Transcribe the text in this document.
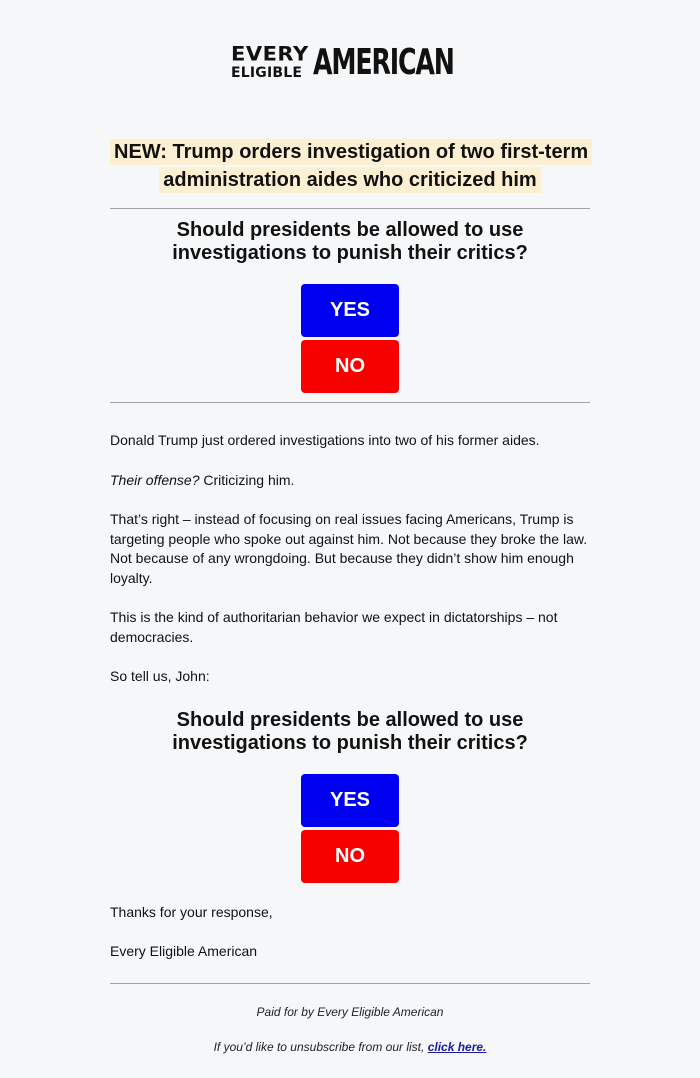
EVERY
ELIGIBLE AMERICAN
NEW: Trump orders investigation of two first-term administration aides who criticized him
Should presidents be allowed to use investigations to punish their critics?
YES
NO

Donald Trump just ordered investigations into two of his former aides.

Their offense? Criticizing him.

That’s right – instead of focusing on real issues facing Americans, Trump is targeting people who spoke out against him. Not because they broke the law. Not because of any wrongdoing. But because they didn’t show him enough loyalty.

This is the kind of authoritarian behavior we expect in dictatorships – not democracies.

So tell us, John:

Should presidents be allowed to use investigations to punish their critics?
YES
NO

Thanks for your response,

Every Eligible American

Paid for by Every Eligible American
If you’d like to unsubscribe from our list, click here.
